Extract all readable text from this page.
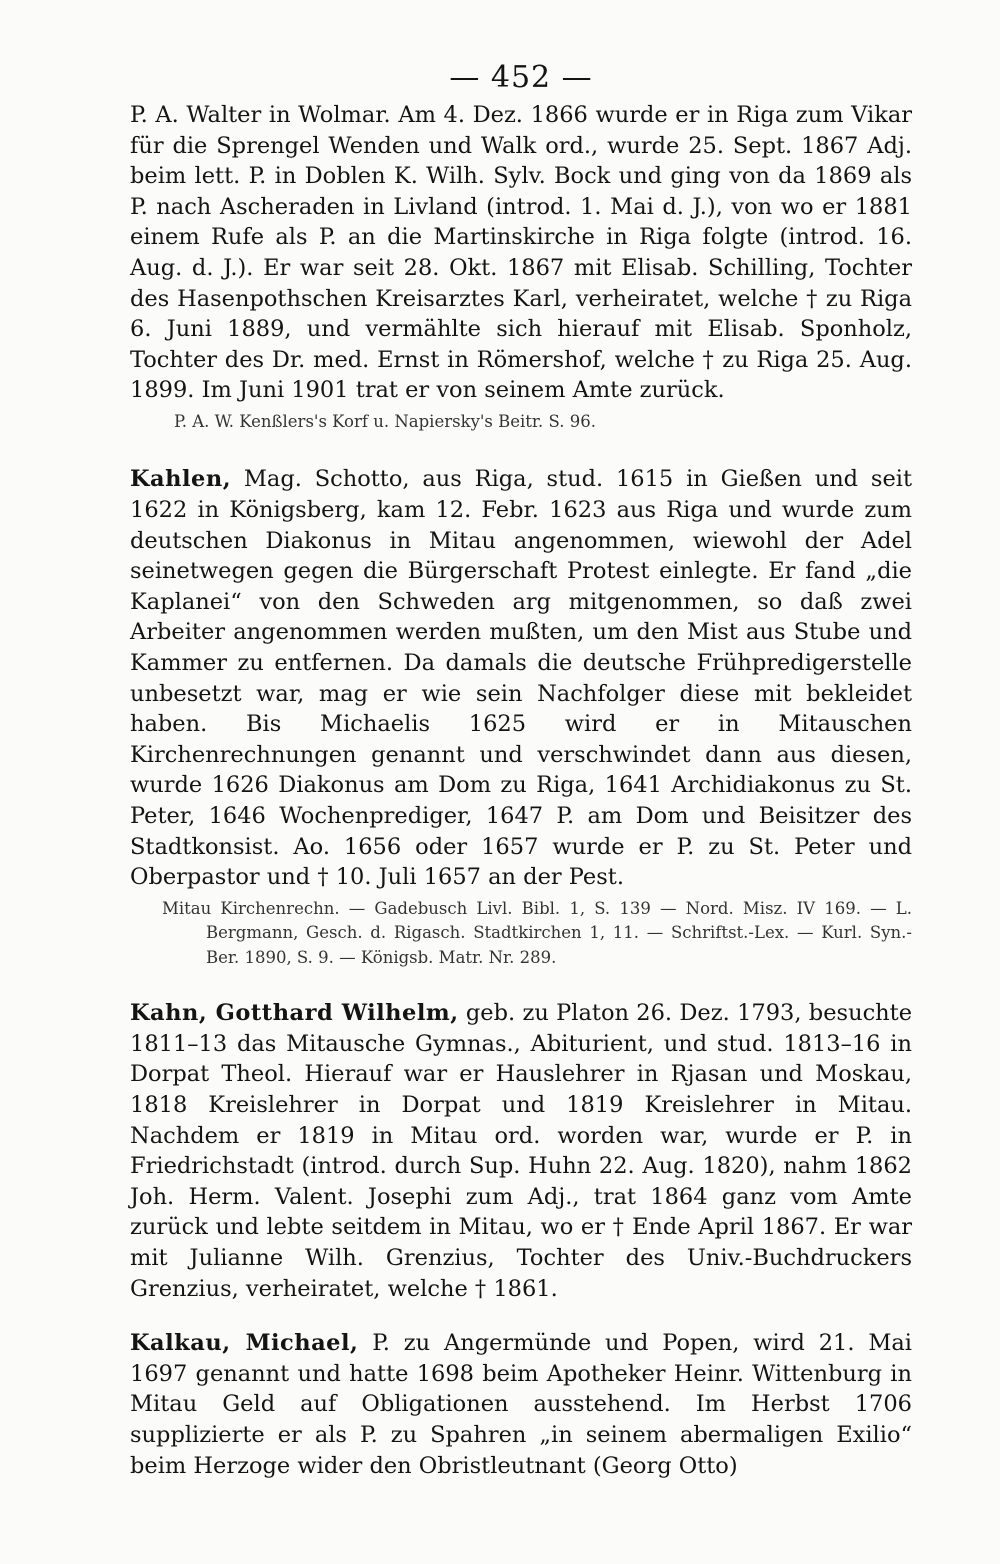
— 452 —

P. A. Walter in Wolmar. Am 4. Dez. 1866 wurde er in Riga zum Vikar für die Sprengel Wenden und Walk ord., wurde 25. Sept. 1867 Adj. beim lett. P. in Doblen K. Wilh. Sylv. Bock und ging von da 1869 als P. nach Ascheraden in Livland (introd. 1. Mai d. J.), von wo er 1881 einem Rufe als P. an die Martinskirche in Riga folgte (introd. 16. Aug. d. J.). Er war seit 28. Okt. 1867 mit Elisab. Schilling, Tochter des Hasenpothschen Kreisarztes Karl, verheiratet, welche † zu Riga 6. Juni 1889, und vermählte sich hierauf mit Elisab. Sponholz, Tochter des Dr. med. Ernst in Römershof, welche † zu Riga 25. Aug. 1899. Im Juni 1901 trat er von seinem Amte zurück.

P. A. W. Kenßlers's Korf u. Napiersky's Beitr. S. 96.

Kahlen, Mag. Schotto, aus Riga, stud. 1615 in Gießen und seit 1622 in Königsberg, kam 12. Febr. 1623 aus Riga und wurde zum deutschen Diakonus in Mitau angenommen, wiewohl der Adel seinetwegen gegen die Bürgerschaft Protest einlegte. Er fand „die Kaplanei“ von den Schweden arg mitgenommen, so daß zwei Arbeiter angenommen werden mußten, um den Mist aus Stube und Kammer zu entfernen. Da damals die deutsche Frühpredigerstelle unbesetzt war, mag er wie sein Nachfolger diese mit bekleidet haben. Bis Michaelis 1625 wird er in Mitauschen Kirchenrechnungen genannt und verschwindet dann aus diesen, wurde 1626 Diakonus am Dom zu Riga, 1641 Archidiakonus zu St. Peter, 1646 Wochenprediger, 1647 P. am Dom und Beisitzer des Stadtkonsist. Ao. 1656 oder 1657 wurde er P. zu St. Peter und Oberpastor und † 10. Juli 1657 an der Pest.

Mitau Kirchenrechn. — Gadebusch Livl. Bibl. 1, S. 139 — Nord. Misz. IV 169. — L. Bergmann, Gesch. d. Rigasch. Stadtkirchen 1, 11. — Schriftst.-Lex. — Kurl. Syn.-Ber. 1890, S. 9. — Königsb. Matr. Nr. 289.

Kahn, Gotthard Wilhelm, geb. zu Platon 26. Dez. 1793, besuchte 1811–13 das Mitausche Gymnas., Abiturient, und stud. 1813–16 in Dorpat Theol. Hierauf war er Hauslehrer in Rjasan und Moskau, 1818 Kreislehrer in Dorpat und 1819 Kreislehrer in Mitau. Nachdem er 1819 in Mitau ord. worden war, wurde er P. in Friedrichstadt (introd. durch Sup. Huhn 22. Aug. 1820), nahm 1862 Joh. Herm. Valent. Josephi zum Adj., trat 1864 ganz vom Amte zurück und lebte seitdem in Mitau, wo er † Ende April 1867. Er war mit Julianne Wilh. Grenzius, Tochter des Univ.-Buchdruckers Grenzius, verheiratet, welche † 1861.

Kalkau, Michael, P. zu Angermünde und Popen, wird 21. Mai 1697 genannt und hatte 1698 beim Apotheker Heinr. Wittenburg in Mitau Geld auf Obligationen ausstehend. Im Herbst 1706 supplizierte er als P. zu Spahren „in seinem abermaligen Exilio“ beim Herzoge wider den Obristleutnant (Georg Otto)
